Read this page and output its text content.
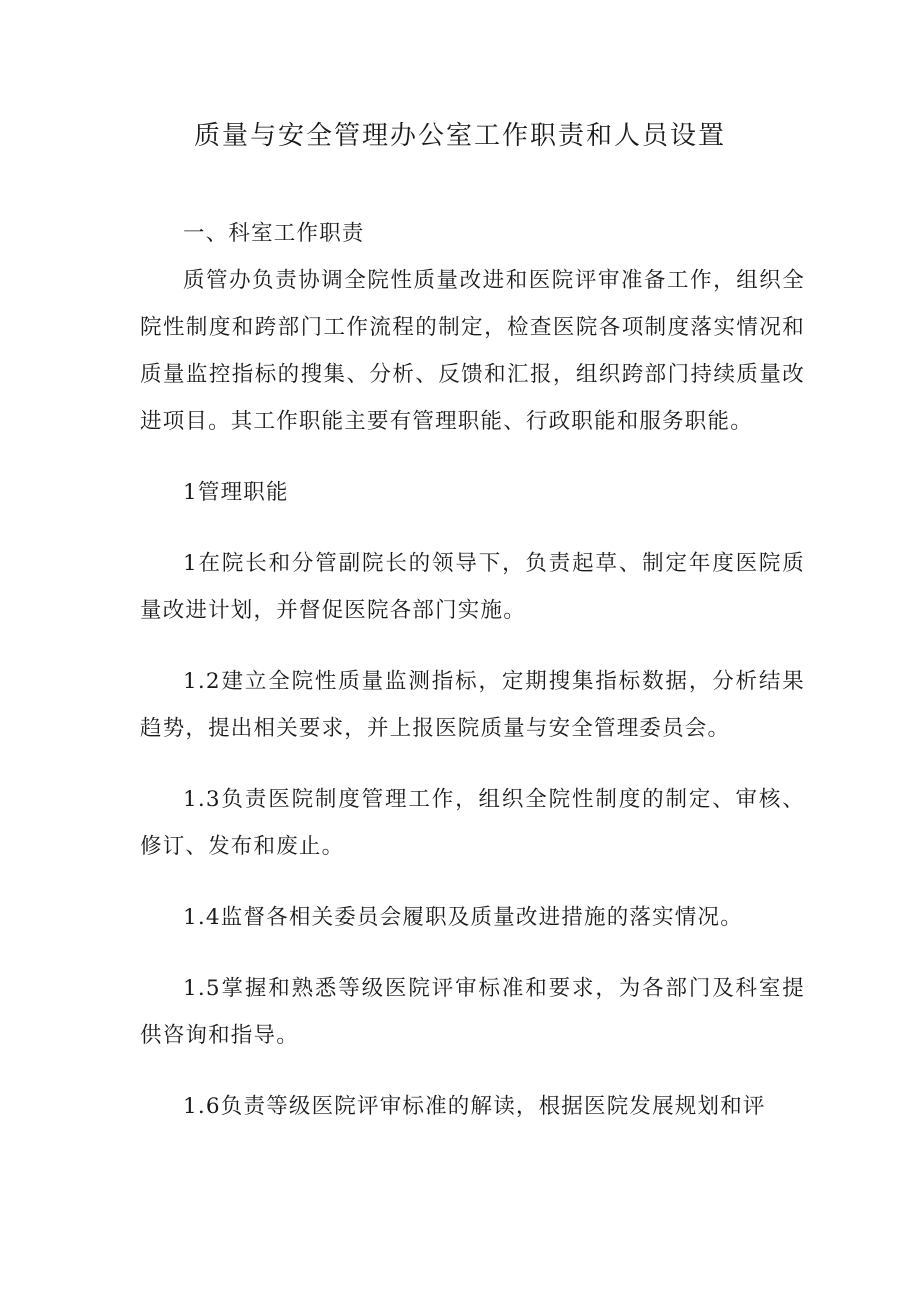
质量与安全管理办公室工作职责和人员设置

一、科室工作职责

质管办负责协调全院性质量改进和医院评审准备工作，组织全院性制度和跨部门工作流程的制定，检查医院各项制度落实情况和质量监控指标的搜集、分析、反馈和汇报，组织跨部门持续质量改进项目。其工作职能主要有管理职能、行政职能和服务职能。

1管理职能

1在院长和分管副院长的领导下，负责起草、制定年度医院质量改进计划，并督促医院各部门实施。

1.2建立全院性质量监测指标，定期搜集指标数据，分析结果趋势，提出相关要求，并上报医院质量与安全管理委员会。

1.3负责医院制度管理工作，组织全院性制度的制定、审核、修订、发布和废止。

1.4监督各相关委员会履职及质量改进措施的落实情况。

1.5掌握和熟悉等级医院评审标准和要求，为各部门及科室提供咨询和指导。

1.6负责等级医院评审标准的解读，根据医院发展规划和评
